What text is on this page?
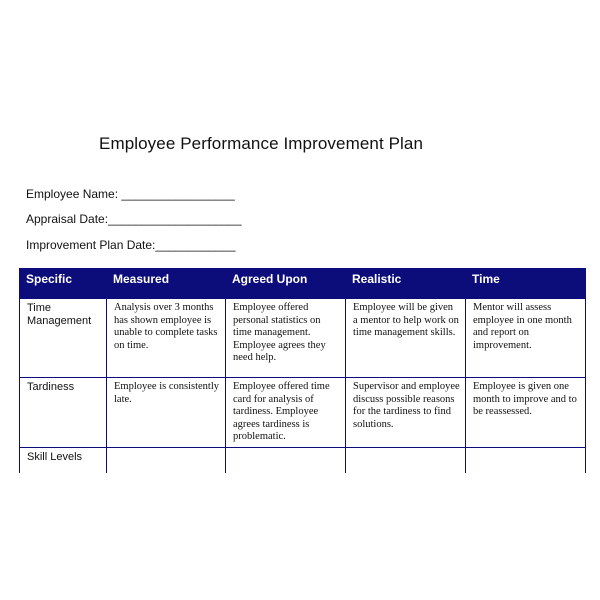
Employee Performance Improvement Plan
Employee Name: _________________
Appraisal Date:____________________
Improvement Plan Date:____________
Specific	Measured	Agreed Upon	Realistic	Time
Time Management	Analysis over 3 months has shown employee is unable to complete tasks on time.	Employee offered personal statistics on time management. Employee agrees they need help.	Employee will be given a mentor to help work on time management skills.	Mentor will assess employee in one month and report on improvement.
Tardiness	Employee is consistently late.	Employee offered time card for analysis of tardiness. Employee agrees tardiness is problematic.	Supervisor and employee discuss possible reasons for the tardiness to find solutions.	Employee is given one month to improve and to be reassessed.
Skill Levels				
